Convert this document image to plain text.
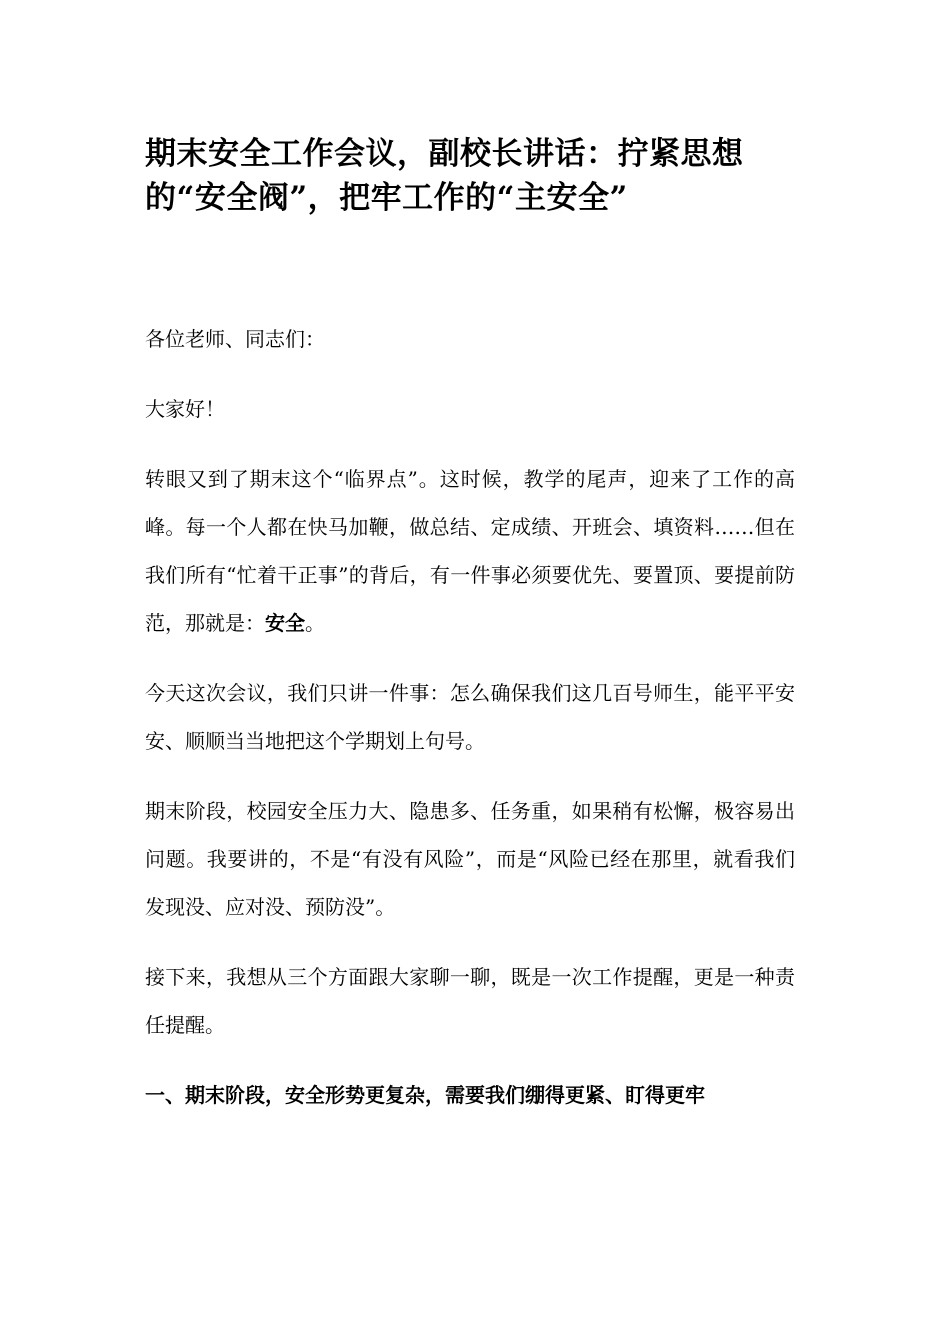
期末安全工作会议，副校长讲话：拧紧思想的“安全阀”，把牢工作的“主安全”

各位老师、同志们：

大家好！

转眼又到了期末这个“临界点”。这时候，教学的尾声，迎来了工作的高峰。每一个人都在快马加鞭，做总结、定成绩、开班会、填资料……但在我们所有“忙着干正事”的背后，有一件事必须要优先、要置顶、要提前防范，那就是：安全。

今天这次会议，我们只讲一件事：怎么确保我们这几百号师生，能平平安安、顺顺当当地把这个学期划上句号。

期末阶段，校园安全压力大、隐患多、任务重，如果稍有松懈，极容易出问题。我要讲的，不是“有没有风险”，而是“风险已经在那里，就看我们发现没、应对没、预防没”。

接下来，我想从三个方面跟大家聊一聊，既是一次工作提醒，更是一种责任提醒。

一、期末阶段，安全形势更复杂，需要我们绷得更紧、盯得更牢
